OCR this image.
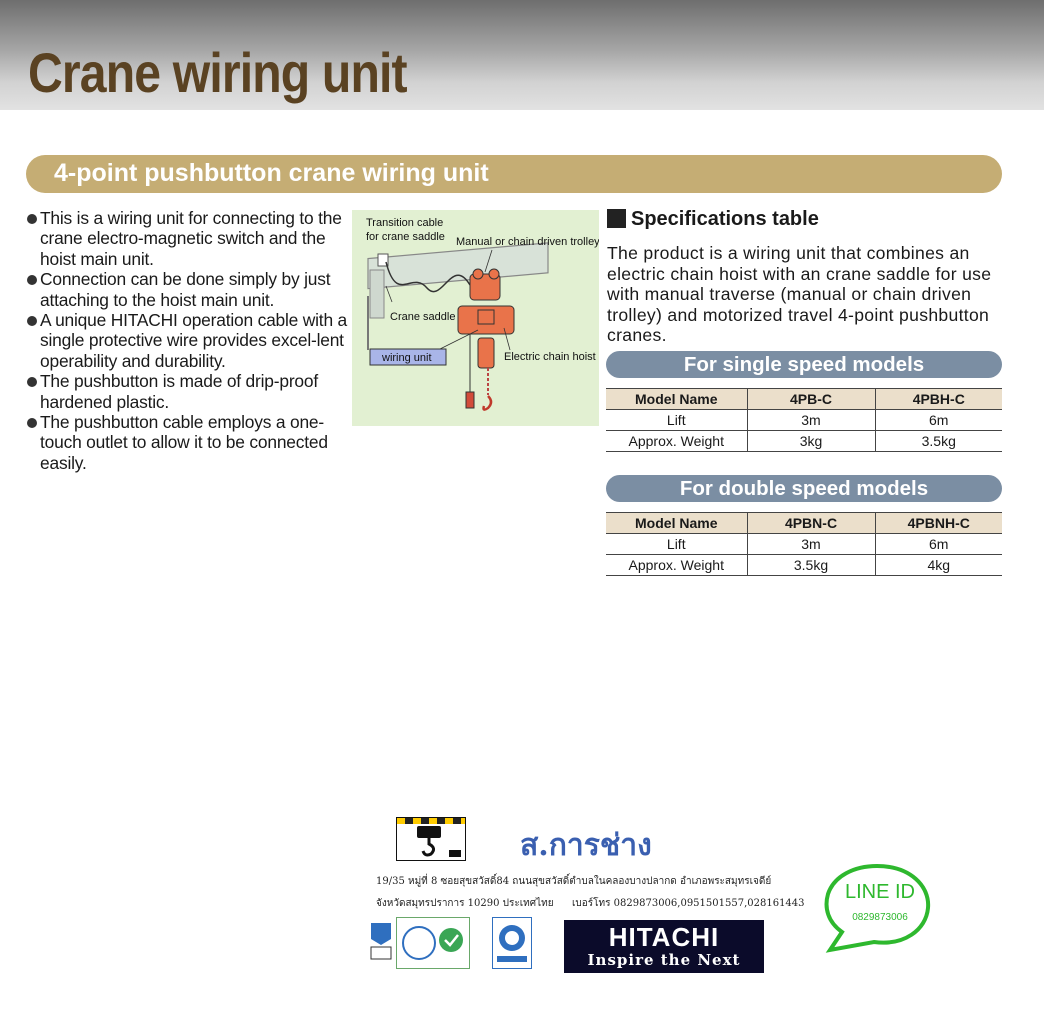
Crane wiring unit
4-point pushbutton crane wiring unit
This is a wiring unit for connecting to the crane electro-magnetic switch and the hoist main unit.
Connection can be done simply by just attaching to the hoist main unit.
A unique HITACHI operation cable with a single protective wire provides excel-lent operability and durability.
The pushbutton is made of drip-proof hardened plastic.
The pushbutton cable employs a one-touch outlet to allow it to be connected easily.
Transition cable
for crane saddle Manual or chain driven trolley
Crane saddle
wiring unit	Electric chain hoist
Specifications table

The product is a wiring unit that combines an electric chain hoist with an crane saddle for use with manual traverse (manual or chain driven trolley) and motorized travel 4-point pushbutton cranes.

For single speed models
Model Name	4PB-C	4PBH-C
Lift	3m	6m
Approx. Weight	3kg	3.5kg
For double speed models
Model Name	4PBN-C	4PBNH-C
Lift	3m	6m
Approx. Weight	3.5kg	4kg
ส.การช่าง
19/35 หมู่ที่ 8 ซอยสุขสวัสดิ์84 ถนนสุขสวัสดิ์ตำบลในคลองบางปลากด อำเภอพระสมุทรเจดีย์
จังหวัดสมุทรปราการ 10290 ประเทศไทย เบอร์โทร 0829873006,0951501557,028161443
HITACHI
Inspire the Next
LINE ID
0829873006
